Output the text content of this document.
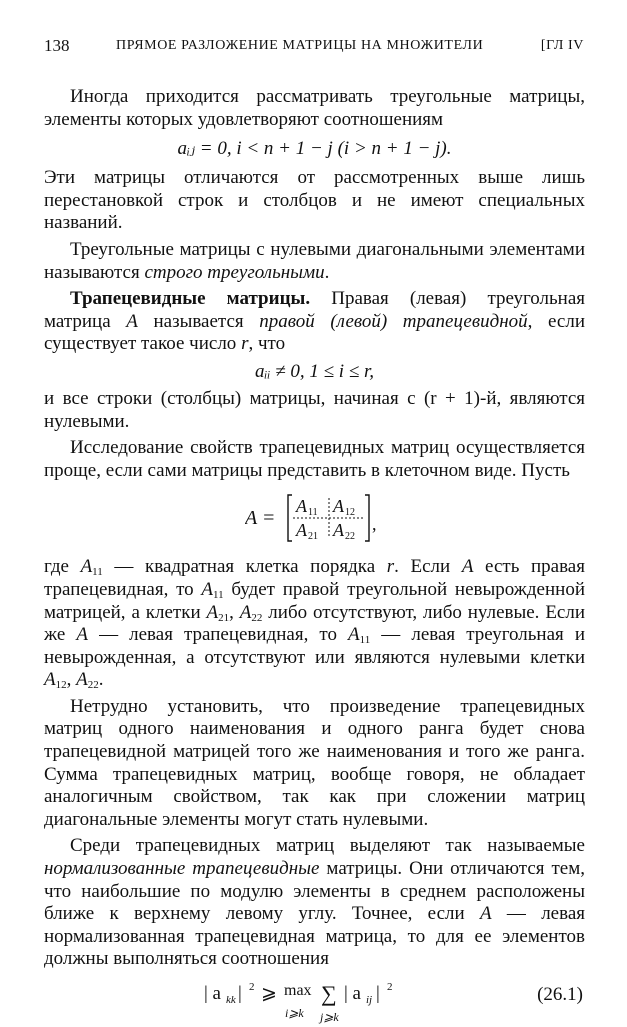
138	ПРЯМОЕ РАЗЛОЖЕНИЕ МАТРИЦЫ НА МНОЖИТЕЛИ	[ГЛ IV

Иногда приходится рассматривать треугольные матрицы, элементы которых удовлетворяют соотношениям

aᵢⱼ = 0, i < n + 1 − j (i > n + 1 − j).

Эти матрицы отличаются от рассмотренных выше лишь перестановкой строк и столбцов и не имеют специальных названий.

Треугольные матрицы с нулевыми диагональными элементами называются строго треугольными.

Трапецевидные матрицы. Правая (левая) треугольная матрица A называется правой (левой) трапецевидной, если существует такое число r, что

aᵢᵢ ≠ 0, 1 ≤ i ≤ r,

и все строки (столбцы) матрицы, начиная с (r + 1)-й, являются нулевыми.

Исследование свойств трапецевидных матриц осуществляется проще, если сами матрицы представить в клеточном виде. Пусть

A =
A 11 A 12
A 21 A 22
,

где $A_{11}$ — квадратная клетка порядка r. Если A есть правая трапецевидная, то $A_{11}$ будет правой треугольной невырожденной матрицей, а клетки $A_{21}$, $A_{22}$ либо отсутствуют, либо нулевые. Если же A — левая трапецевидная, то $A_{11}$ — левая треугольная и невырожденная, а отсутствуют или являются нулевыми клетки $A_{12}$, $A_{22}$.

Нетрудно установить, что произведение трапецевидных матриц одного наименования и одного ранга будет снова трапецевидной матрицей того же наименования и того же ранга. Сумма трапецевидных матриц, вообще говоря, не обладает аналогичным свойством, так как при сложении матриц диагональные элементы могут стать нулевыми.

Среди трапецевидных матриц выделяют так называемые нормализованные трапецевидные матрицы. Они отличаются тем, что наибольшие по модулю элементы в среднем расположены ближе к верхнему левому углу. Точнее, если A — левая нормализованная трапецевидная матрица, то для ее элементов должны выполняться соотношения

| a kk | 2 ⩾ max
i⩾k
∑
j⩾k
| a ij | 2	(26.1)
